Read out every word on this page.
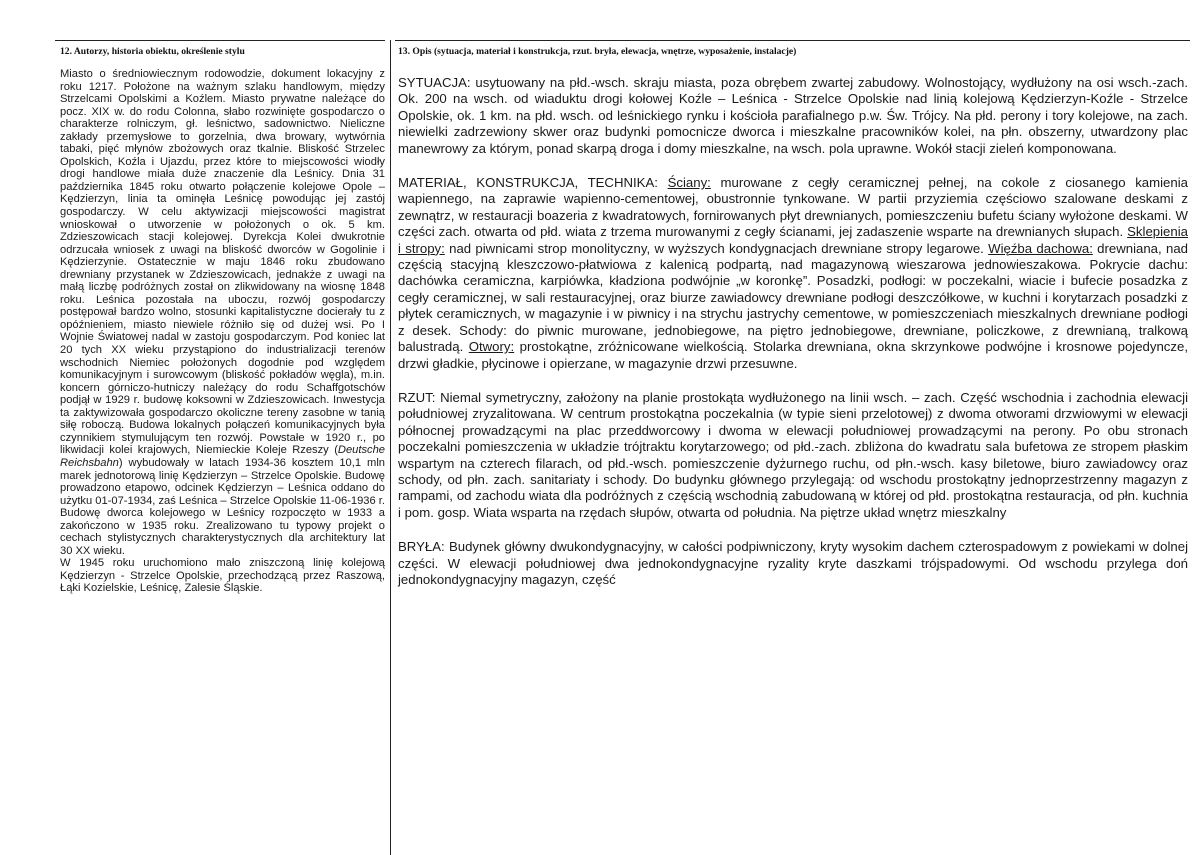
12. Autorzy, historia obiektu, określenie stylu	13. Opis (sytuacja, materiał i konstrukcja, rzut. bryła, elewacja, wnętrze, wyposażenie, instalacje)

Miasto o średniowiecznym rodowodzie, dokument lokacyjny z roku 1217. Położone na ważnym szlaku handlowym, między Strzelcami Opolskimi a Koźlem. Miasto prywatne należące do pocz. XIX w. do rodu Colonna, słabo rozwinięte gospodarczo o charakterze rolniczym, gł. leśnictwo, sadownictwo. Nieliczne zakłady przemysłowe to gorzelnia, dwa browary, wytwórnia tabaki, pięć młynów zbożowych oraz tkalnie. Bliskość Strzelec Opolskich, Koźla i Ujazdu, przez które to miejscowości wiodły drogi handlowe miała duże znaczenie dla Leśnicy. Dnia 31 października 1845 roku otwarto połączenie kolejowe Opole – Kędzierzyn, linia ta ominęła Leśnicę powodując jej zastój gospodarczy. W celu aktywizacji miejscowości magistrat wnioskował o utworzenie w położonych o ok. 5 km. Zdzieszowicach stacji kolejowej. Dyrekcja Kolei dwukrotnie odrzucała wniosek z uwagi na bliskość dworców w Gogolinie i Kędzierzynie. Ostatecznie w maju 1846 roku zbudowano drewniany przystanek w Zdzieszowicach, jednakże z uwagi na małą liczbę podróżnych został on zlikwidowany na wiosnę 1848 roku. Leśnica pozostała na uboczu, rozwój gospodarczy postępował bardzo wolno, stosunki kapitalistyczne docierały tu z opóźnieniem, miasto niewiele różniło się od dużej wsi. Po I Wojnie Światowej nadal w zastoju gospodarczym. Pod koniec lat 20 tych XX wieku przystąpiono do industrializacji terenów wschodnich Niemiec położonych dogodnie pod względem komunikacyjnym i surowcowym (bliskość pokładów węgla), m.in. koncern górniczo-hutniczy należący do rodu Schaffgotschów podjął w 1929 r. budowę koksowni w Zdzieszowicach. Inwestycja ta zaktywizowała gospodarczo okoliczne tereny zasobne w tanią siłę roboczą. Budowa lokalnych połączeń komunikacyjnych była czynnikiem stymulującym ten rozwój. Powstałe w 1920 r., po likwidacji kolei krajowych, Niemieckie Koleje Rzeszy (Deutsche Reichsbahn) wybudowały w latach 1934-36 kosztem 10,1 mln marek jednotorową linię Kędzierzyn – Strzelce Opolskie. Budowę prowadzono etapowo, odcinek Kędzierzyn – Leśnica oddano do użytku 01-07-1934, zaś Leśnica – Strzelce Opolskie 11-06-1936 r. Budowę dworca kolejowego w Leśnicy rozpoczęto w 1933 a zakończono w 1935 roku. Zrealizowano tu typowy projekt o cechach stylistycznych charakterystycznych dla architektury lat 30 XX wieku.

W 1945 roku uruchomiono mało zniszczoną linię kolejową Kędzierzyn - Strzelce Opolskie, przechodzącą przez Raszową, Łąki Kozielskie, Leśnicę, Zalesie Śląskie.

SYTUACJA: usytuowany na płd.-wsch. skraju miasta, poza obrębem zwartej zabudowy. Wolnostojący, wydłużony na osi wsch.-zach. Ok. 200 na wsch. od wiaduktu drogi kołowej Koźle – Leśnica - Strzelce Opolskie nad linią kolejową Kędzierzyn-Koźle - Strzelce Opolskie, ok. 1 km. na płd. wsch. od leśnickiego rynku i kościoła parafialnego p.w. Św. Trójcy. Na płd. perony i tory kolejowe, na zach. niewielki zadrzewiony skwer oraz budynki pomocnicze dworca i mieszkalne pracowników kolei, na płn. obszerny, utwardzony plac manewrowy za którym, ponad skarpą droga i domy mieszkalne, na wsch. pola uprawne. Wokół stacji zieleń komponowana.

MATERIAŁ, KONSTRUKCJA, TECHNIKA: Ściany: murowane z cegły ceramicznej pełnej, na cokole z ciosanego kamienia wapiennego, na zaprawie wapienno-cementowej, obustronnie tynkowane. W partii przyziemia częściowo szalowane deskami z zewnątrz, w restauracji boazeria z kwadratowych, fornirowanych płyt drewnianych, pomieszczeniu bufetu ściany wyłożone deskami. W części zach. otwarta od płd. wiata z trzema murowanymi z cegły ścianami, jej zadaszenie wsparte na drewnianych słupach. Sklepienia i stropy: nad piwnicami strop monolityczny, w wyższych kondygnacjach drewniane stropy legarowe. Więźba dachowa: drewniana, nad częścią stacyjną kleszczowo-płatwiowa z kalenicą podpartą, nad magazynową wieszarowa jednowieszakowa. Pokrycie dachu: dachówka ceramiczna, karpiówka, kładziona podwójnie „w koronkę”. Posadzki, podłogi: w poczekalni, wiacie i bufecie posadzka z cegły ceramicznej, w sali restauracyjnej, oraz biurze zawiadowcy drewniane podłogi deszczółkowe, w kuchni i korytarzach posadzki z płytek ceramicznych, w magazynie i w piwnicy i na strychu jastrychy cementowe, w pomieszczeniach mieszkalnych drewniane podłogi z desek. Schody: do piwnic murowane, jednobiegowe, na piętro jednobiegowe, drewniane, policzkowe, z drewnianą, tralkową balustradą. Otwory: prostokątne, zróżnicowane wielkością. Stolarka drewniana, okna skrzynkowe podwójne i krosnowe pojedyncze, drzwi gładkie, płycinowe i opierzane, w magazynie drzwi przesuwne.

RZUT: Niemal symetryczny, założony na planie prostokąta wydłużonego na linii wsch. – zach. Część wschodnia i zachodnia elewacji południowej zryzalitowana. W centrum prostokątna poczekalnia (w typie sieni przelotowej) z dwoma otworami drzwiowymi w elewacji północnej prowadzącymi na plac przeddworcowy i dwoma w elewacji południowej prowadzącymi na perony. Po obu stronach poczekalni pomieszczenia w układzie trójtraktu korytarzowego; od płd.-zach. zbliżona do kwadratu sala bufetowa ze stropem płaskim wspartym na czterech filarach, od płd.-wsch. pomieszczenie dyżurnego ruchu, od płn.-wsch. kasy biletowe, biuro zawiadowcy oraz schody, od płn. zach. sanitariaty i schody. Do budynku głównego przylegają: od wschodu prostokątny jednoprzestrzenny magazyn z rampami, od zachodu wiata dla podróżnych z częścią wschodnią zabudowaną w której od płd. prostokątna restauracja, od płn. kuchnia i pom. gosp. Wiata wsparta na rzędach słupów, otwarta od południa. Na piętrze układ wnętrz mieszkalny

BRYŁA: Budynek główny dwukondygnacyjny, w całości podpiwniczony, kryty wysokim dachem czterospadowym z powiekami w dolnej części. W elewacji południowej dwa jednokondygnacyjne ryzality kryte daszkami trójspadowymi. Od wschodu przylega doń jednokondygnacyjny magazyn, część
